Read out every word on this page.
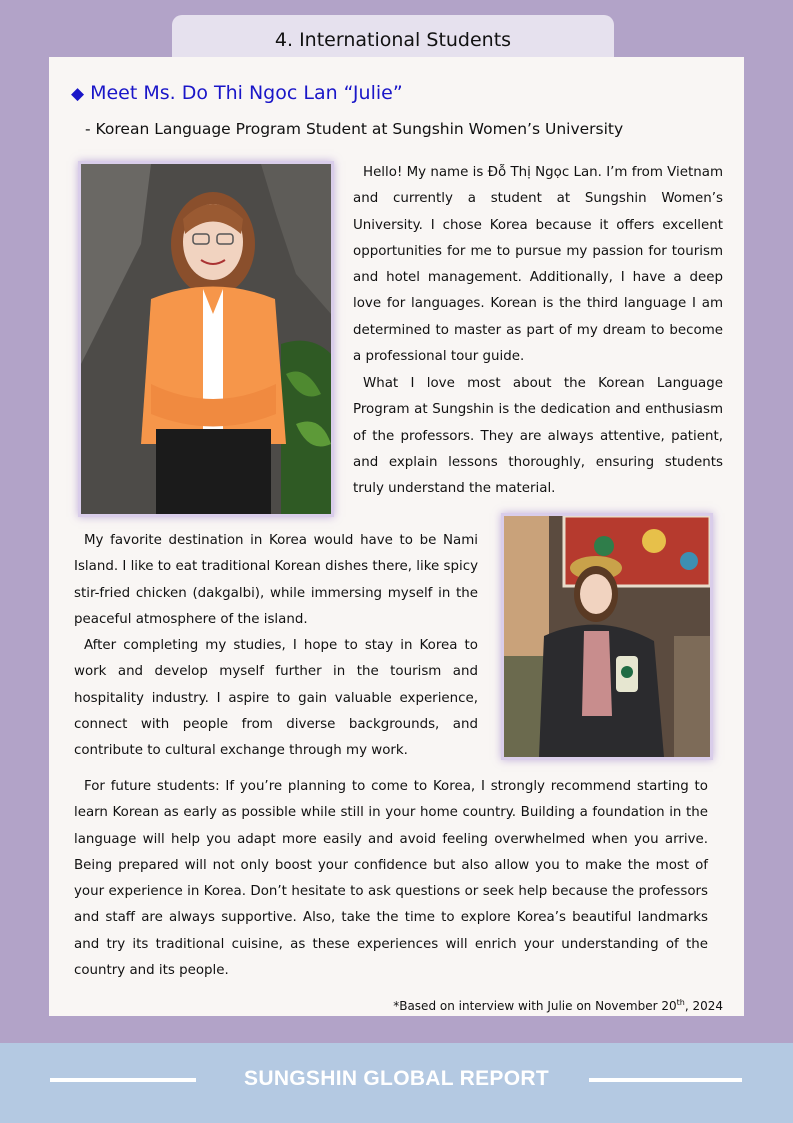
4. International Students
◆ Meet Ms. Do Thi Ngoc Lan “Julie”
- Korean Language Program Student at Sungshin Women’s University

Hello! My name is Đỗ Thị Ngọc Lan. I’m from Vietnam and currently a student at Sungshin Women’s University. I chose Korea because it offers excellent opportunities for me to pursue my passion for tourism and hotel management. Additionally, I have a deep love for languages. Korean is the third language I am determined to master as part of my dream to become a professional tour guide.

What I love most about the Korean Language Program at Sungshin is the dedication and enthusiasm of the professors. They are always attentive, patient, and explain lessons thoroughly, ensuring students truly understand the material.

My favorite destination in Korea would have to be Nami Island. I like to eat traditional Korean dishes there, like spicy stir-fried chicken (dakgalbi), while immersing myself in the peaceful atmosphere of the island.

After completing my studies, I hope to stay in Korea to work and develop myself further in the tourism and hospitality industry. I aspire to gain valuable experience, connect with people from diverse backgrounds, and contribute to cultural exchange through my work.

For future students: If you’re planning to come to Korea, I strongly recommend starting to learn Korean as early as possible while still in your home country. Building a foundation in the language will help you adapt more easily and avoid feeling overwhelmed when you arrive. Being prepared will not only boost your confidence but also allow you to make the most of your experience in Korea. Don’t hesitate to ask questions or seek help because the professors and staff are always supportive. Also, take the time to explore Korea’s beautiful landmarks and try its traditional cuisine, as these experiences will enrich your understanding of the country and its people.

*Based on interview with Julie on November 20th, 2024
SUNGSHIN GLOBAL REPORT
